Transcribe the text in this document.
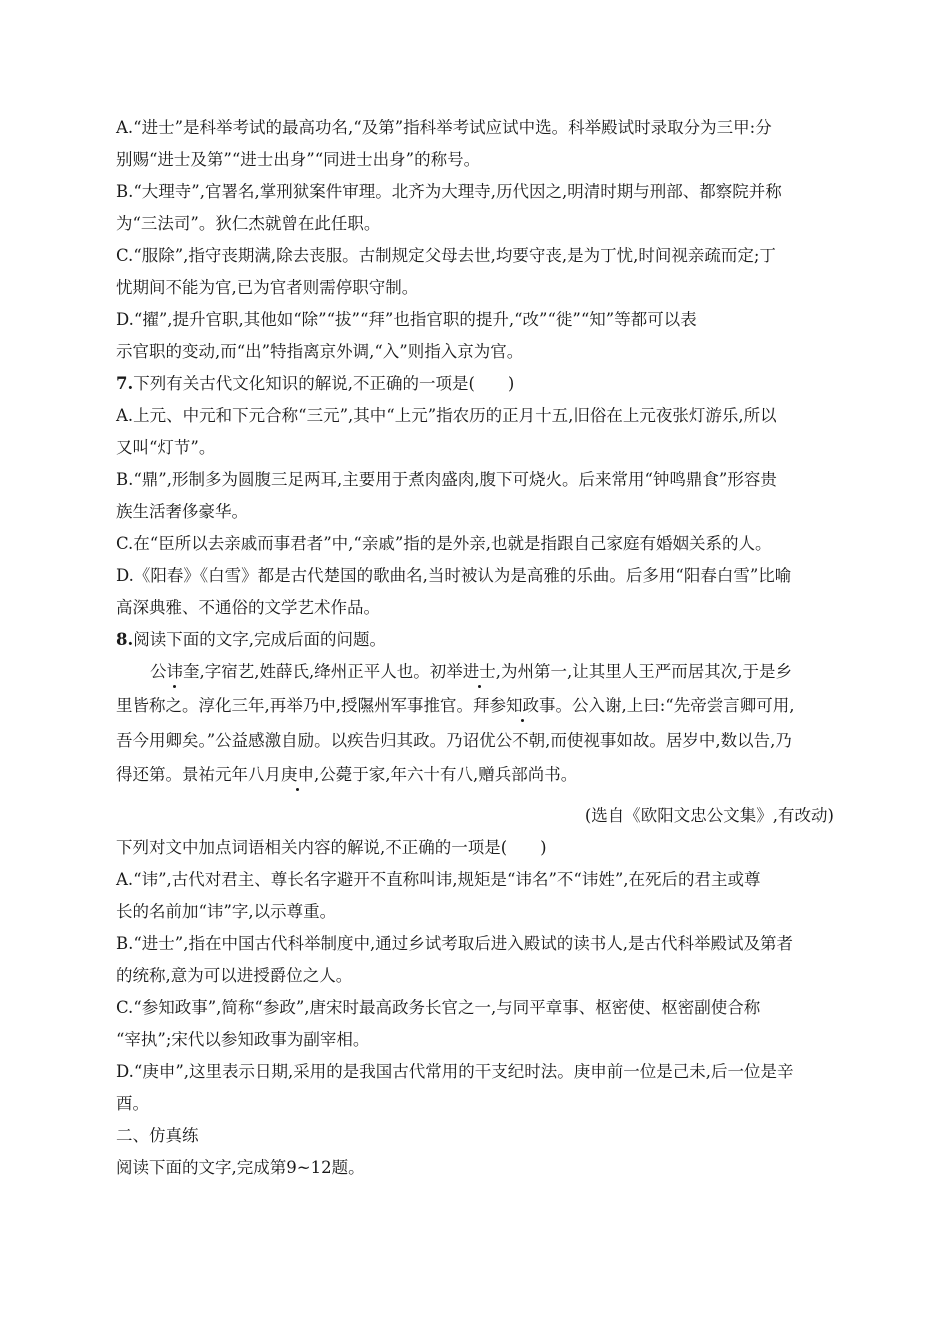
A.“进士”是科举考试的最高功名,“及第”指科举考试应试中选。科举殿试时录取分为三甲:分

别赐“进士及第”“进士出身”“同进士出身”的称号。

B.“大理寺”,官署名,掌刑狱案件审理。北齐为大理寺,历代因之,明清时期与刑部、都察院并称

为“三法司”。狄仁杰就曾在此任职。

C.“服除”,指守丧期满,除去丧服。古制规定父母去世,均要守丧,是为丁忧,时间视亲疏而定;丁

忧期间不能为官,已为官者则需停职守制。

D.“擢”,提升官职,其他如“除”“拔”“拜”也指官职的提升,“改”“徙”“知”等都可以表

示官职的变动,而“出”特指离京外调,“入”则指入京为官。

7.下列有关古代文化知识的解说,不正确的一项是(　　)

A.上元、中元和下元合称“三元”,其中“上元”指农历的正月十五,旧俗在上元夜张灯游乐,所以

又叫“灯节”。

B.“鼎”,形制多为圆腹三足两耳,主要用于煮肉盛肉,腹下可烧火。后来常用“钟鸣鼎食”形容贵

族生活奢侈豪华。

C.在“臣所以去亲戚而事君者”中,“亲戚”指的是外亲,也就是指跟自己家庭有婚姻关系的人。

D.《阳春》《白雪》都是古代楚国的歌曲名,当时被认为是高雅的乐曲。后多用“阳春白雪”比喻

高深典雅、不通俗的文学艺术作品。

8.阅读下面的文字,完成后面的问题。

公讳奎,字宿艺,姓薛氏,绛州正平人也。初举进士,为州第一,让其里人王严而居其次,于是乡

里皆称之。淳化三年,再举乃中,授隰州军事推官。拜参知政事。公入谢,上曰:“先帝尝言卿可用,

吾今用卿矣。”公益感激自励。以疾告归其政。乃诏优公不朝,而使视事如故。居岁中,数以告,乃

得还第。景祐元年八月庚申,公薨于家,年六十有八,赠兵部尚书。

(选自《欧阳文忠公文集》,有改动)

下列对文中加点词语相关内容的解说,不正确的一项是(　　)

A.“讳”,古代对君主、尊长名字避开不直称叫讳,规矩是“讳名”不“讳姓”,在死后的君主或尊

长的名前加“讳”字,以示尊重。

B.“进士”,指在中国古代科举制度中,通过乡试考取后进入殿试的读书人,是古代科举殿试及第者

的统称,意为可以进授爵位之人。

C.“参知政事”,简称“参政”,唐宋时最高政务长官之一,与同平章事、枢密使、枢密副使合称

“宰执”;宋代以参知政事为副宰相。

D.“庚申”,这里表示日期,采用的是我国古代常用的干支纪时法。庚申前一位是己未,后一位是辛

酉。

二、仿真练

阅读下面的文字,完成第9~12题。
